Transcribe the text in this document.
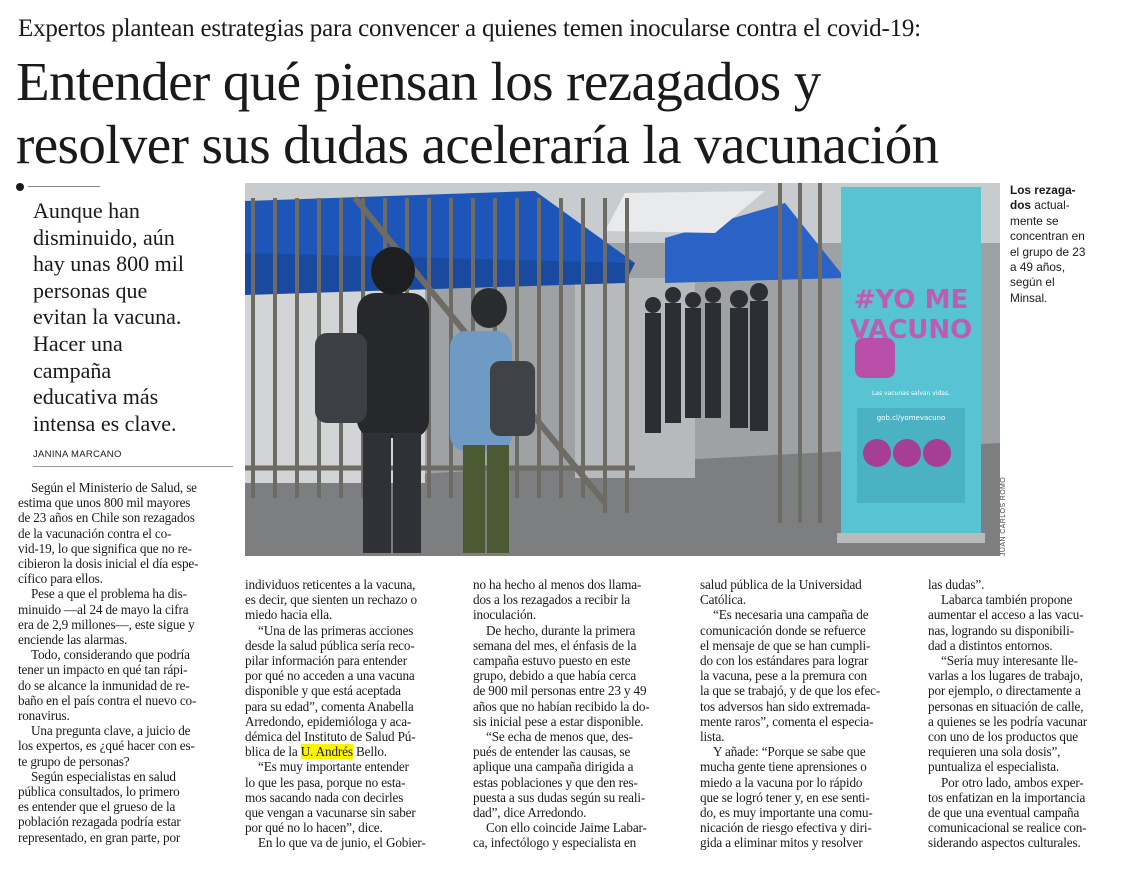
Expertos plantean estrategias para convencer a quienes temen inocularse contra el covid-19:
Entender qué piensan los rezagados y
resolver sus dudas aceleraría la vacunación
Aunque han
disminuido, aún
hay unas 800 mil
personas que
evitan la vacuna.
Hacer una
campaña
educativa más
intensa es clave.
JANINA MARCANO
#YO ME
VACUNO
Las vacunas salvan vidas,
gob.cl/yomevacuno
JUAN CARLOS ROMO
Los rezaga-
dos actual-
mente se
concentran en
el grupo de 23
a 49 años,
según el
Minsal.
Según el Ministerio de Salud, se
estima que unos 800 mil mayores
de 23 años en Chile son rezagados
de la vacunación contra el co-
vid-19, lo que significa que no re-
cibieron la dosis inicial el día espe-
cífico para ellos.
Pese a que el problema ha dis-
minuido —al 24 de mayo la cifra
era de 2,9 millones—, este sigue y
enciende las alarmas.
Todo, considerando que podría
tener un impacto en qué tan rápi-
do se alcance la inmunidad de re-
baño en el país contra el nuevo co-
ronavirus.
Una pregunta clave, a juicio de
los expertos, es ¿qué hacer con es-
te grupo de personas?
Según especialistas en salud
pública consultados, lo primero
es entender que el grueso de la
población rezagada podría estar
representado, en gran parte, por
individuos reticentes a la vacuna,
es decir, que sienten un rechazo o
miedo hacia ella.
“Una de las primeras acciones
desde la salud pública sería reco-
pilar información para entender
por qué no acceden a una vacuna
disponible y que está aceptada
para su edad”, comenta Anabella
Arredondo, epidemióloga y aca-
démica del Instituto de Salud Pú-
blica de la U. Andrés Bello.
“Es muy importante entender
lo que les pasa, porque no esta-
mos sacando nada con decirles
que vengan a vacunarse sin saber
por qué no lo hacen”, dice.
En lo que va de junio, el Gobier-
no ha hecho al menos dos llama-
dos a los rezagados a recibir la
inoculación.
De hecho, durante la primera
semana del mes, el énfasis de la
campaña estuvo puesto en este
grupo, debido a que había cerca
de 900 mil personas entre 23 y 49
años que no habían recibido la do-
sis inicial pese a estar disponible.
“Se echa de menos que, des-
pués de entender las causas, se
aplique una campaña dirigida a
estas poblaciones y que den res-
puesta a sus dudas según su reali-
dad”, dice Arredondo.
Con ello coincide Jaime Labar-
ca, infectólogo y especialista en
salud pública de la Universidad
Católica.
“Es necesaria una campaña de
comunicación donde se refuerce
el mensaje de que se han cumpli-
do con los estándares para lograr
la vacuna, pese a la premura con
la que se trabajó, y de que los efec-
tos adversos han sido extremada-
mente raros”, comenta el especia-
lista.
Y añade: “Porque se sabe que
mucha gente tiene aprensiones o
miedo a la vacuna por lo rápido
que se logró tener y, en ese senti-
do, es muy importante una comu-
nicación de riesgo efectiva y diri-
gida a eliminar mitos y resolver
las dudas”.
Labarca también propone
aumentar el acceso a las vacu-
nas, logrando su disponibili-
dad a distintos entornos.
“Sería muy interesante lle-
varlas a los lugares de trabajo,
por ejemplo, o directamente a
personas en situación de calle,
a quienes se les podría vacunar
con uno de los productos que
requieren una sola dosis”,
puntualiza el especialista.
Por otro lado, ambos exper-
tos enfatizan en la importancia
de que una eventual campaña
comunicacional se realice con-
siderando aspectos culturales.
